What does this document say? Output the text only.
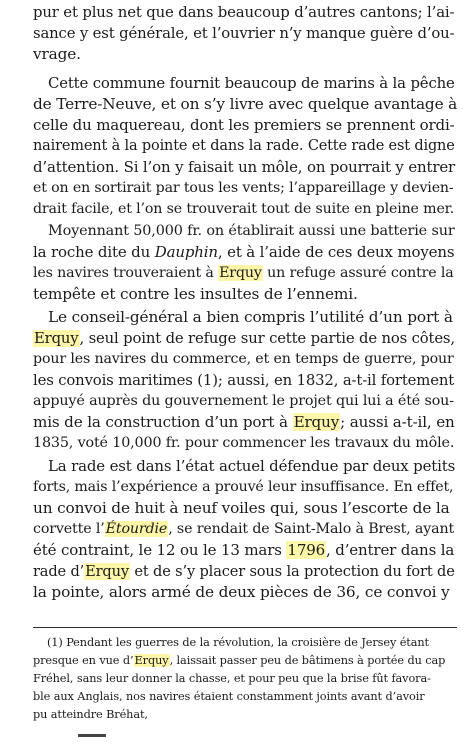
pur et plus net que dans beaucoup d’autres cantons; l’ai-
sance y est générale, et l’ouvrier n’y manque guère d’ou-
vrage.
Cette commune fournit beaucoup de marins à la pêche
de Terre-Neuve, et on s’y livre avec quelque avantage à
celle du maquereau, dont les premiers se prennent ordi-
nairement à la pointe et dans la rade. Cette rade est digne
d’attention. Si l’on y faisait un môle, on pourrait y entrer
et on en sortirait par tous les vents; l’appareillage y devien-
drait facile, et l’on se trouverait tout de suite en pleine mer.
Moyennant 50,000 fr. on établirait aussi une batterie sur
la roche dite du Dauphin, et à l’aide de ces deux moyens
les navires trouveraient à Erquy un refuge assuré contre la
tempête et contre les insultes de l’ennemi.
Le conseil-général a bien compris l’utilité d’un port à
Erquy, seul point de refuge sur cette partie de nos côtes,
pour les navires du commerce, et en temps de guerre, pour
les convois maritimes (1); aussi, en 1832, a-t-il fortement
appuyé auprès du gouvernement le projet qui lui a été sou-
mis de la construction d’un port à Erquy; aussi a-t-il, en
1835, voté 10,000 fr. pour commencer les travaux du môle.
La rade est dans l’état actuel défendue par deux petits
forts, mais l’expérience a prouvé leur insuffisance. En effet,
un convoi de huit à neuf voiles qui, sous l’escorte de la
corvette l’Étourdie, se rendait de Saint-Malo à Brest, ayant
été contraint, le 12 ou le 13 mars 1796, d’entrer dans la
rade d’Erquy et de s’y placer sous la protection du fort de
la pointe, alors armé de deux pièces de 36, ce convoi y
(1) Pendant les guerres de la révolution, la croisière de Jersey étant
presque en vue d’Erquy, laissait passer peu de bâtimens à portée du cap
Fréhel, sans leur donner la chasse, et pour peu que la brise fût favora-
ble aux Anglais, nos navires étaient constamment joints avant d’avoir
pu atteindre Bréhat,
